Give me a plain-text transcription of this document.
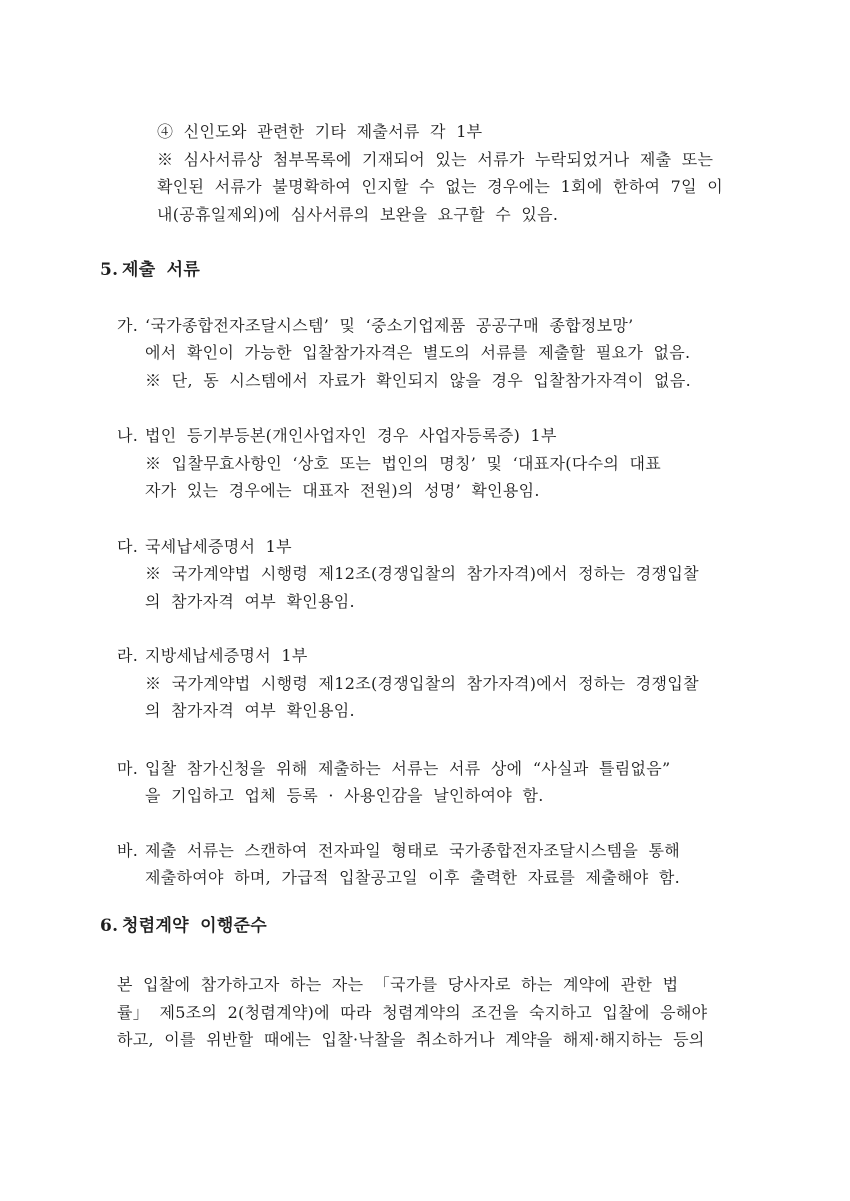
④ 신인도와 관련한 기타 제출서류 각 1부
※ 심사서류상 첨부목록에 기재되어 있는 서류가 누락되었거나 제출 또는
확인된 서류가 불명확하여 인지할 수 없는 경우에는 1회에 한하여 7일 이
내(공휴일제외)에 심사서류의 보완을 요구할 수 있음.
5. 제출 서류
가. ‘국가종합전자조달시스템’ 및 ‘중소기업제품 공공구매 종합정보망’
에서 확인이 가능한 입찰참가자격은 별도의 서류를 제출할 필요가 없음.
※ 단, 동 시스템에서 자료가 확인되지 않을 경우 입찰참가자격이 없음.
나. 법인 등기부등본(개인사업자인 경우 사업자등록증) 1부
※ 입찰무효사항인 ‘상호 또는 법인의 명칭’ 및 ‘대표자(다수의 대표
자가 있는 경우에는 대표자 전원)의 성명’ 확인용임.
다. 국세납세증명서 1부
※ 국가계약법 시행령 제12조(경쟁입찰의 참가자격)에서 정하는 경쟁입찰
의 참가자격 여부 확인용임.
라. 지방세납세증명서 1부
※ 국가계약법 시행령 제12조(경쟁입찰의 참가자격)에서 정하는 경쟁입찰
의 참가자격 여부 확인용임.
마. 입찰 참가신청을 위해 제출하는 서류는 서류 상에 “사실과 틀림없음”
을 기입하고 업체 등록 · 사용인감을 날인하여야 함.
바. 제출 서류는 스캔하여 전자파일 형태로 국가종합전자조달시스템을 통해
제출하여야 하며, 가급적 입찰공고일 이후 출력한 자료를 제출해야 함.
6. 청렴계약 이행준수
본 입찰에 참가하고자 하는 자는 「국가를 당사자로 하는 계약에 관한 법
률」 제5조의 2(청렴계약)에 따라 청렴계약의 조건을 숙지하고 입찰에 응해야
하고, 이를 위반할 때에는 입찰·낙찰을 취소하거나 계약을 해제·해지하는 등의
